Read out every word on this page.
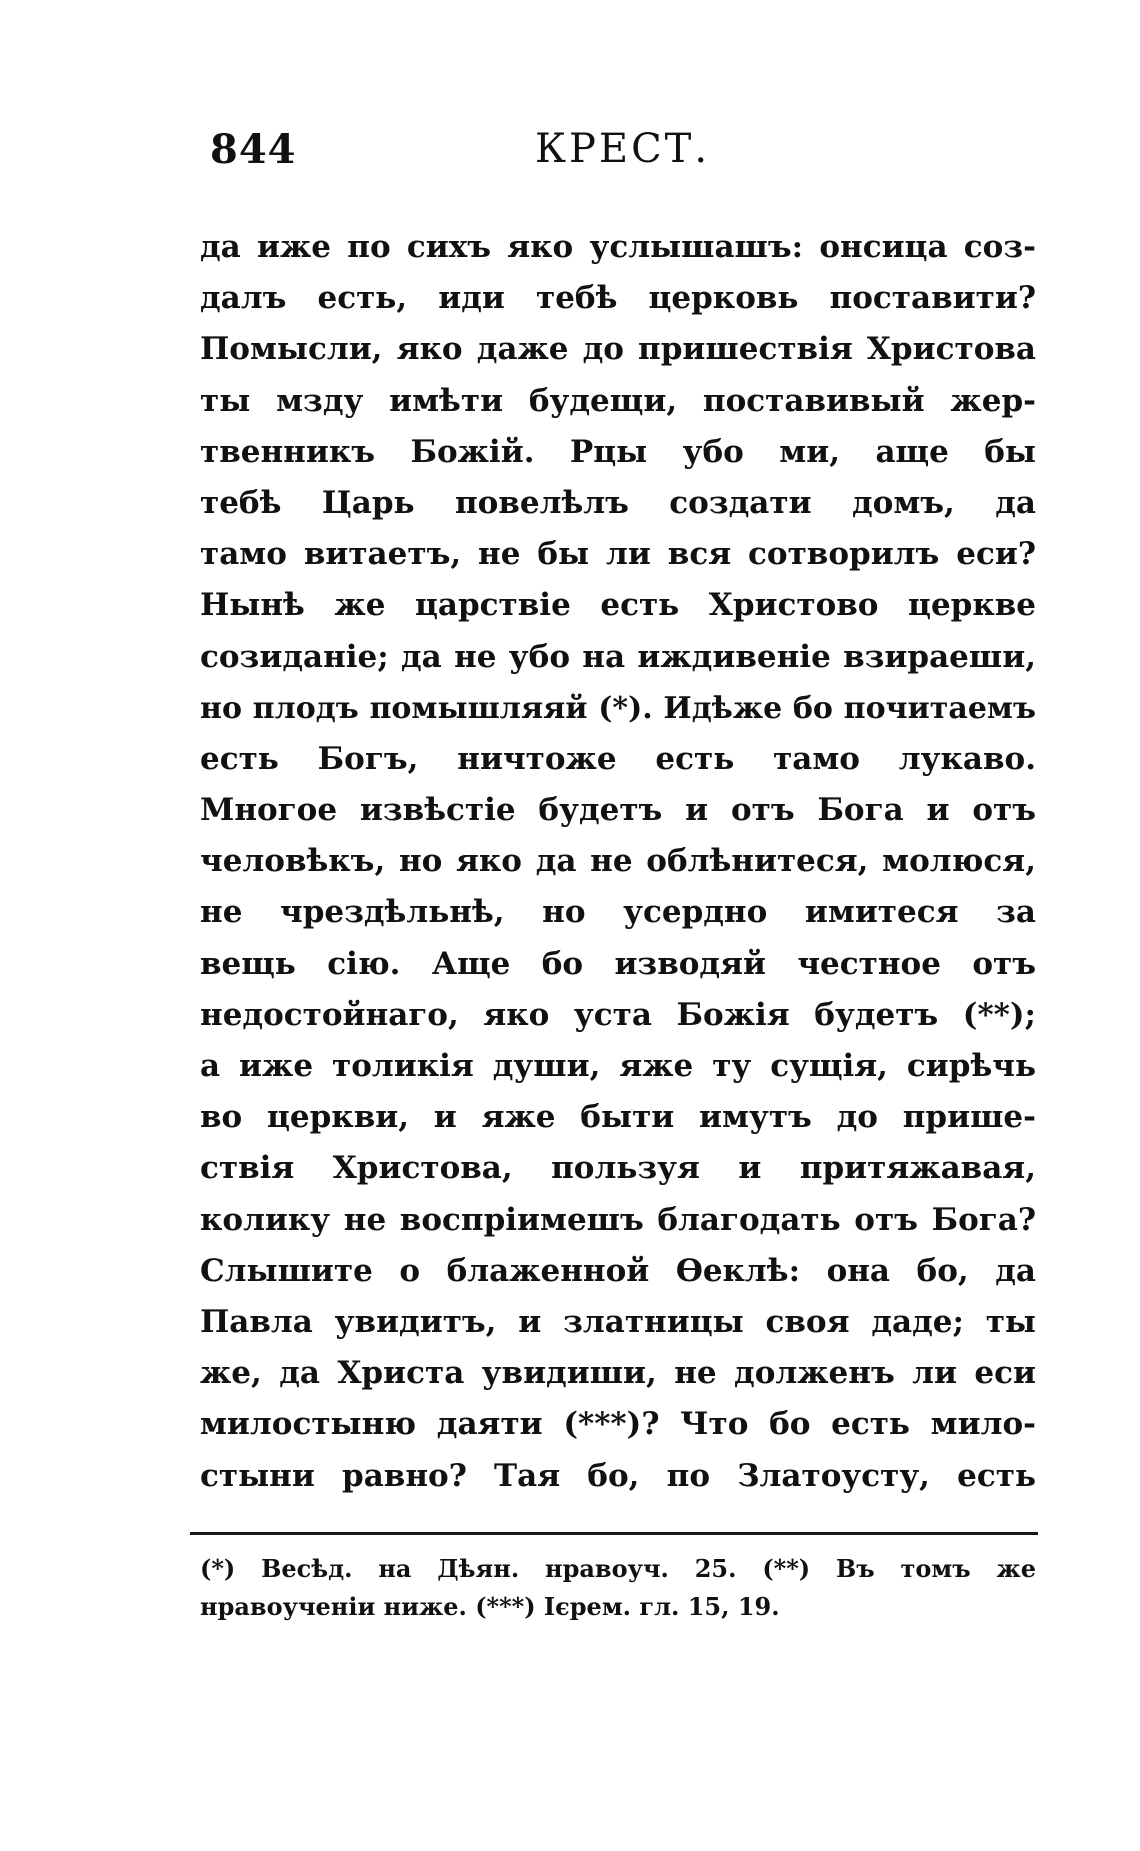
844	КРЕСТ.
да иже по сихъ яко услышашъ: онсица соз-
далъ есть, иди тебѣ церковь поставити?
Помысли, яко даже до пришествія Христова
ты мзду имѣти будещи, поставивый жер-
твенникъ Божій. Рцы убо ми, аще бы
тебѣ Царь повелѣлъ создати домъ, да
тамо витаетъ, не бы ли вся сотворилъ еси?
Нынѣ же царствіе есть Христово церкве
созиданіе; да не убо на иждивеніе взираеши,
но плодъ помышляяй (*). Идѣже бо почитаемъ
есть Богъ, ничтоже есть тамо лукаво.
Многое извѣстіе будетъ и отъ Бога и отъ
человѣкъ, но яко да не облѣнитеся, молюся,
не чрездѣльнѣ, но усердно имитеся за
вещь сію. Аще бо изводяй честное отъ
недостойнаго, яко уста Божія будетъ (**);
а иже толикія души, яже ту сущія, сирѣчь
во церкви, и яже быти имутъ до прише-
ствія Христова, пользуя и притяжавая,
колику не воспріимешъ благодать отъ Бога?
Слышите о блаженной Ѳеклѣ: она бо, да
Павла увидитъ, и златницы своя даде; ты
же, да Христа увидиши, не долженъ ли еси
милостыню даяти (***)? Что бо есть мило-
стыни равно? Тая бо, по Златоусту, есть
(*) Весѣд. на Дѣян. нравоуч. 25. (**) Въ томъ же
нравоученіи ниже. (***) Ієрем. гл. 15, 19.
